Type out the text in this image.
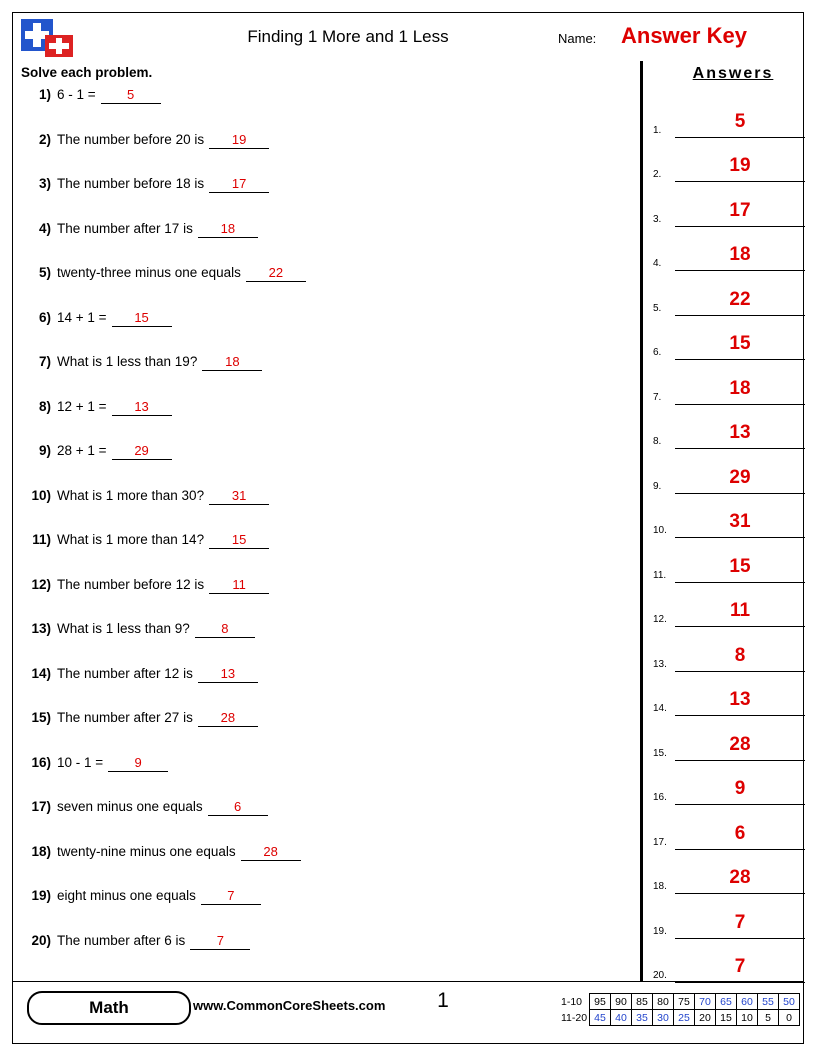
Finding 1 More and 1 Less	Name: Answer Key
Solve each problem.
1) 6 - 1 = 5
2) The number before 20 is 19
3) The number before 18 is 17
4) The number after 17 is 18
5) twenty-three minus one equals 22
6) 14 + 1 = 15
7) What is 1 less than 19? 18
8) 12 + 1 = 13
9) 28 + 1 = 29
10) What is 1 more than 30? 31
11) What is 1 more than 14? 15
12) The number before 12 is 11
13) What is 1 less than 9? 8
14) The number after 12 is 13
15) The number after 27 is 28
16) 10 - 1 = 9
17) seven minus one equals 6
18) twenty-nine minus one equals 28
19) eight minus one equals 7
20) The number after 6 is 7
Answers
1.	5
2.	19
3.	17
4.	18
5.	22
6.	15
7.	18
8.	13
9.	29
10.	31
11.	15
12.	11
13.	8
14.	13
15.	28
16.	9
17.	6
18.	28
19.	7
20.	7
Math	www.CommonCoreSheets.com	1	1-10	95	90	85	80	75	70	65	60	55	50
11-20	45	40	35	30	25	20	15	10	5	0
